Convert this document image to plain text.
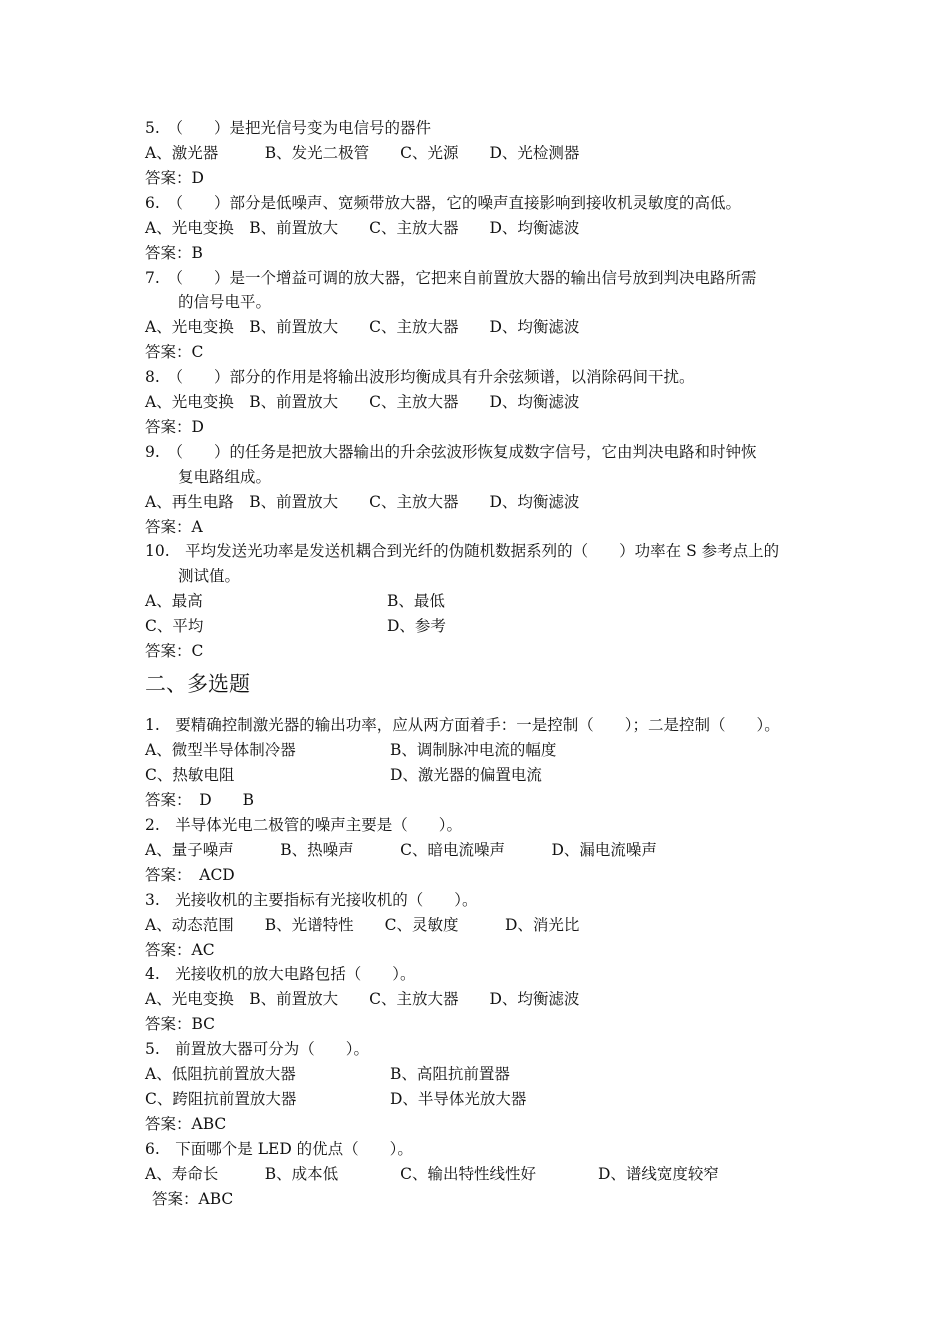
5.　（　　）是把光信号变为电信号的器件
A、激光器　　　B、发光二极管　　C、光源　　D、光检测器
答案：D
6.　（　　）部分是低噪声、宽频带放大器，它的噪声直接影响到接收机灵敏度的高低。
A、光电变换　B、前置放大　　C、主放大器　　D、均衡滤波
答案：B
7.　（　　）是一个增益可调的放大器，它把来自前置放大器的输出信号放到判决电路所需
的信号电平。
A、光电变换　B、前置放大　　C、主放大器　　D、均衡滤波
答案：C
8.　（　　）部分的作用是将输出波形均衡成具有升余弦频谱，以消除码间干扰。
A、光电变换　B、前置放大　　C、主放大器　　D、均衡滤波
答案：D
9.　（　　）的任务是把放大器输出的升余弦波形恢复成数字信号，它由判决电路和时钟恢
复电路组成。
A、再生电路　B、前置放大　　C、主放大器　　D、均衡滤波
答案：A
10.　平均发送光功率是发送机耦合到光纤的伪随机数据系列的（　　）功率在 S 参考点上的
测试值。
A、最高	B、最低
C、平均	D、参考
答案：C
二、多选题
1.　要精确控制激光器的输出功率，应从两方面着手：一是控制（　　）；二是控制（　　）。
A、微型半导体制冷器	B、调制脉冲电流的幅度
C、热敏电阻	D、激光器的偏置电流
答案：　D　　B
2.　半导体光电二极管的噪声主要是（　　）。
A、量子噪声　　　B、热噪声　　　C、暗电流噪声　　　D、漏电流噪声
答案：　ACD
3.　光接收机的主要指标有光接收机的（　　）。
A、动态范围　　B、光谱特性　　C、灵敏度　　　D、消光比
答案：AC
4.　光接收机的放大电路包括（　　）。
A、光电变换　B、前置放大　　C、主放大器　　D、均衡滤波
答案：BC
5.　前置放大器可分为（　　）。
A、低阻抗前置放大器	B、高阻抗前置器
C、跨阻抗前置放大器	D、半导体光放大器
答案：ABC
6.　下面哪个是 LED 的优点（　　）。
A、寿命长　　　B、成本低　　　　C、输出特性线性好　　　　D、谱线宽度较窄
答案：ABC
